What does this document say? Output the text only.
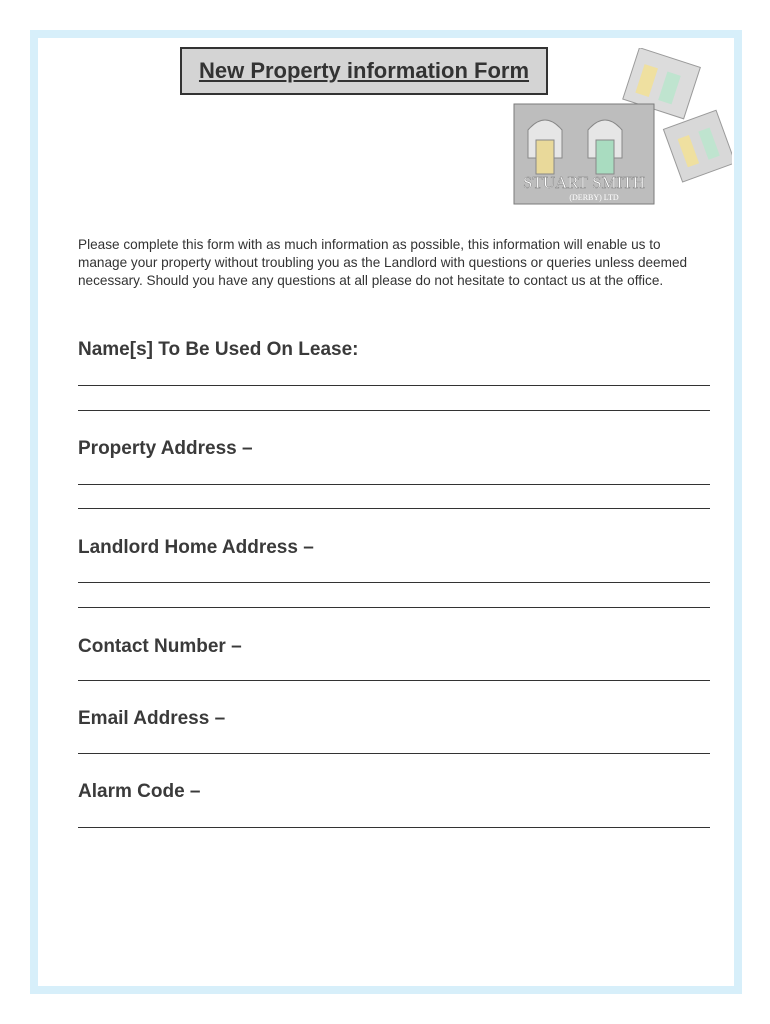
New Property information Form
STUART SMITH
(DERBY) LTD
Please complete this form with as much information as possible, this information will enable us to manage your property without troubling you as the Landlord with questions or queries unless deemed necessary. Should you have any questions at all please do not hesitate to contact us at the office.
Name[s] To Be Used On Lease:
Property Address –
Landlord Home Address –
Contact Number –
Email Address –
Alarm Code –
